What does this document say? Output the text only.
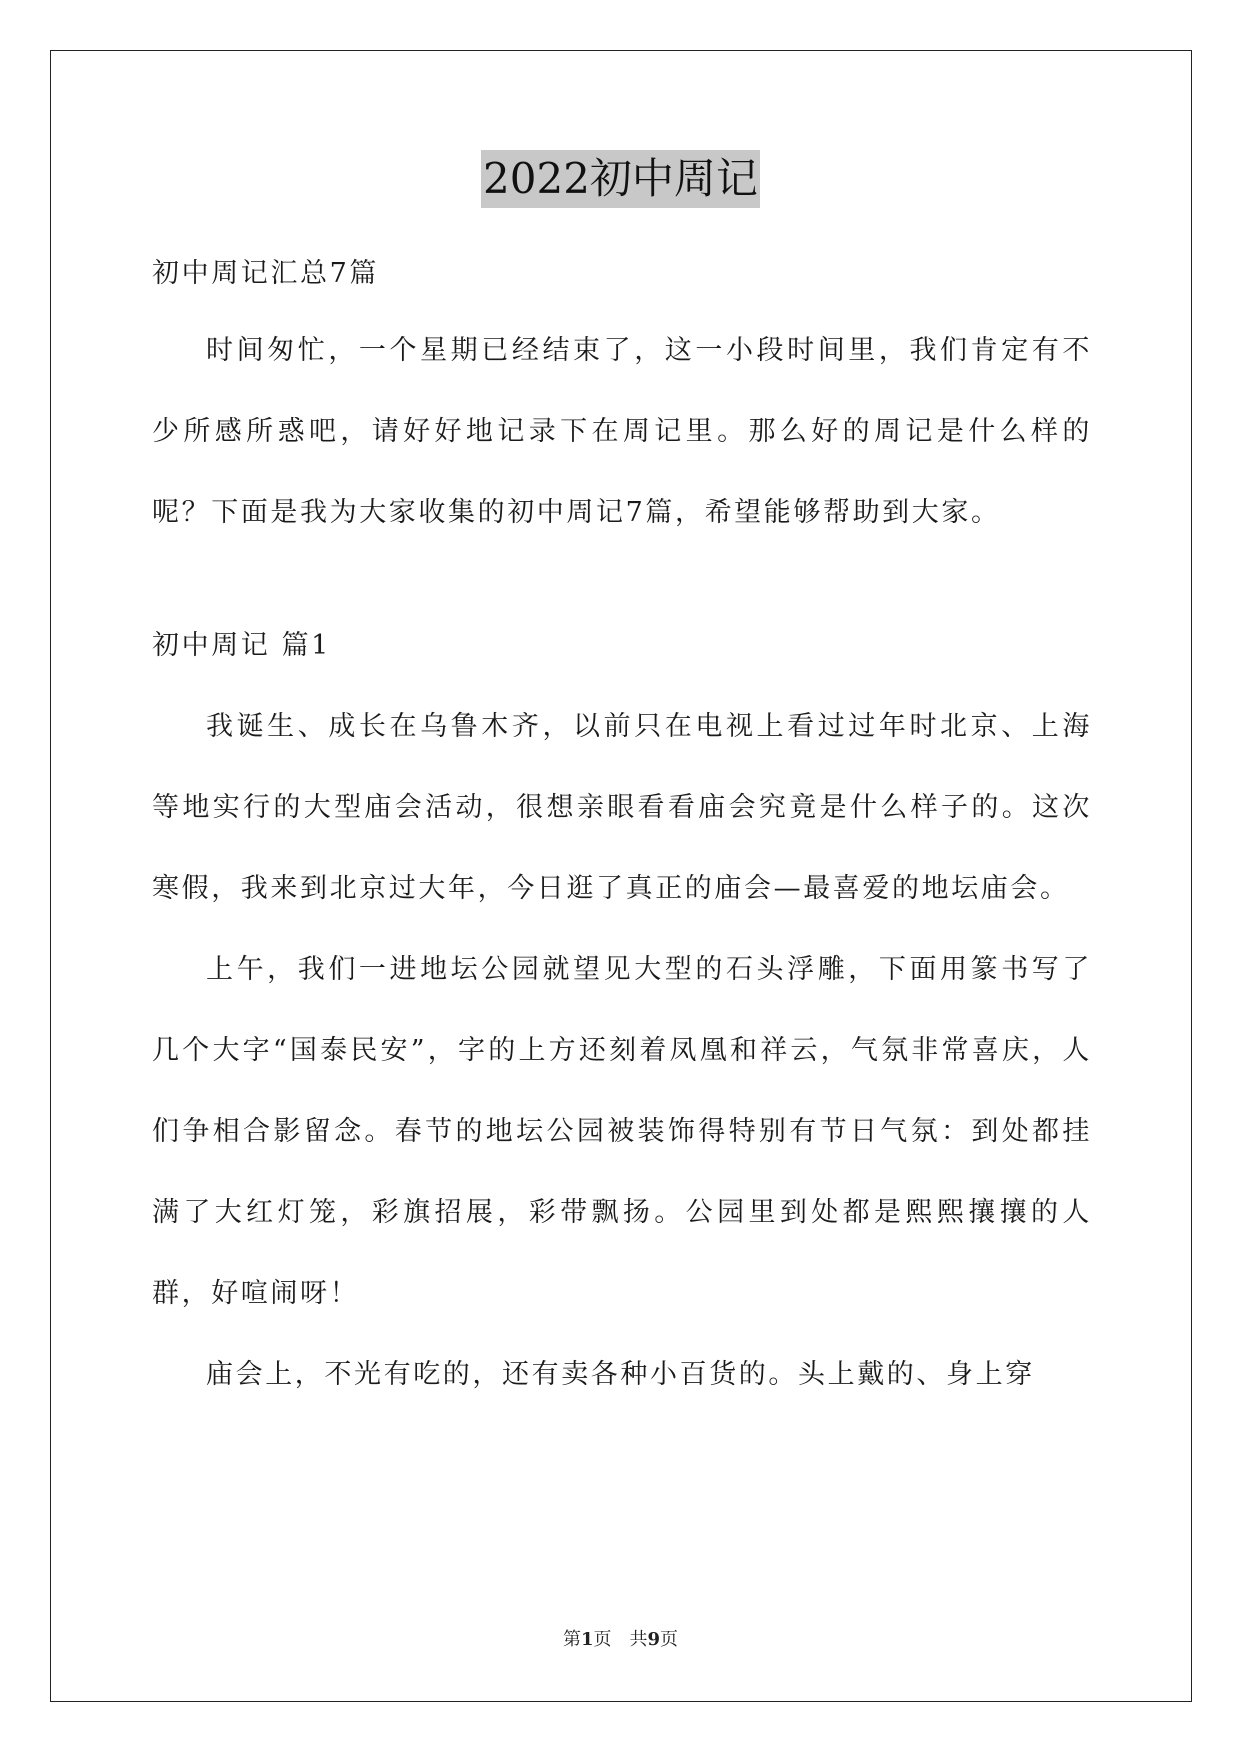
2022初中周记

初中周记汇总7篇

时间匆忙，一个星期已经结束了，这一小段时间里，我们肯定有不少所感所惑吧，请好好地记录下在周记里。那么好的周记是什么样的呢？下面是我为大家收集的初中周记7篇，希望能够帮助到大家。

初中周记 篇1

我诞生、成长在乌鲁木齐，以前只在电视上看过过年时北京、上海等地实行的大型庙会活动，很想亲眼看看庙会究竟是什么样子的。这次寒假，我来到北京过大年，今日逛了真正的庙会—最喜爱的地坛庙会。

上午，我们一进地坛公园就望见大型的石头浮雕，下面用篆书写了几个大字“国泰民安”，字的上方还刻着凤凰和祥云，气氛非常喜庆，人们争相合影留念。春节的地坛公园被装饰得特别有节日气氛：到处都挂满了大红灯笼，彩旗招展，彩带飘扬。公园里到处都是熙熙攘攘的人群，好喧闹呀！

庙会上，不光有吃的，还有卖各种小百货的。头上戴的、身上穿

第1页　共9页
